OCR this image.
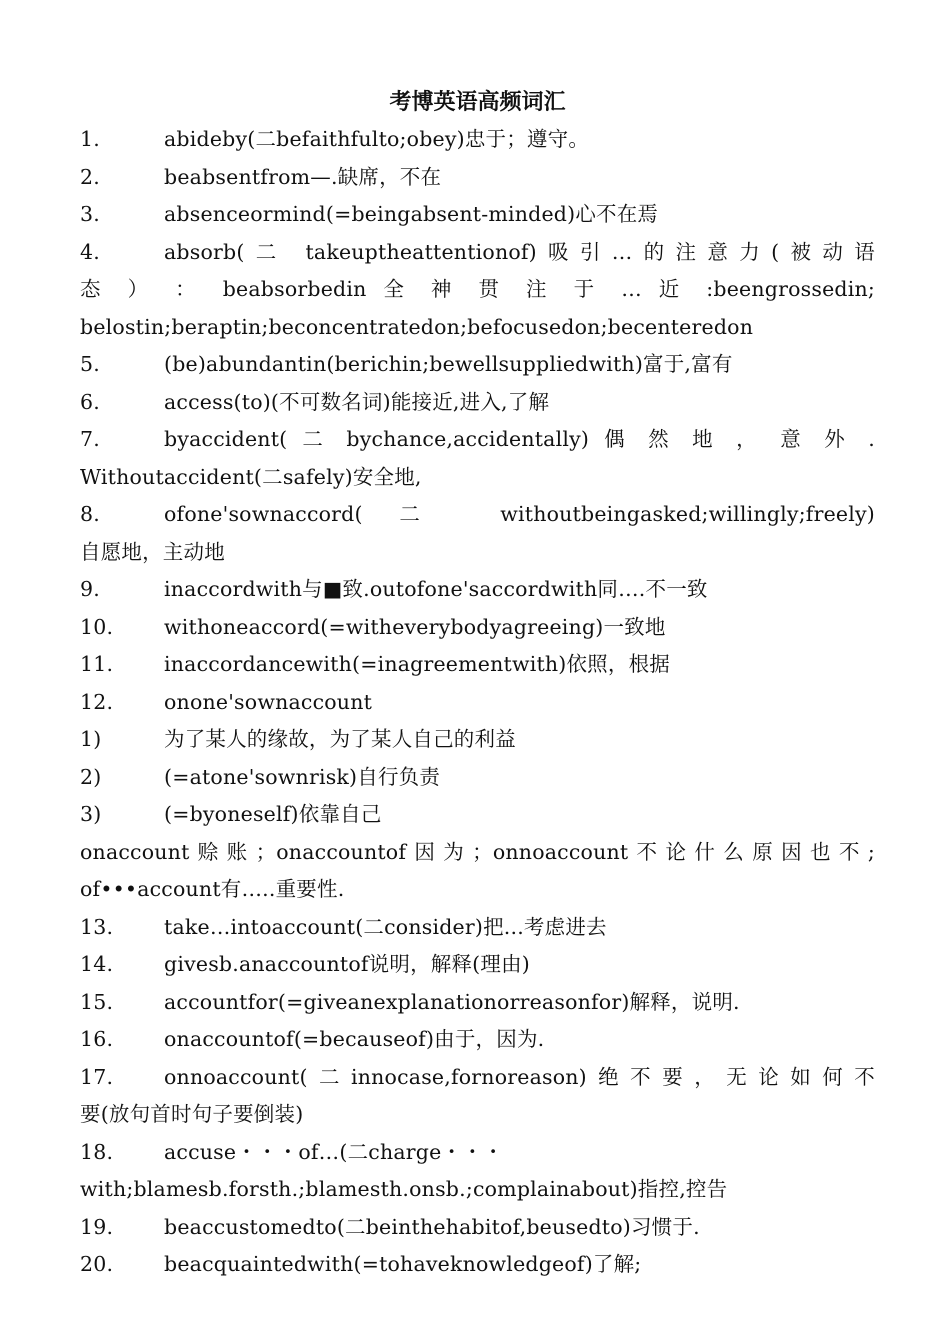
考博英语高频词汇
1.	abideby(二befaithfulto;obey)忠于；遵守。
2.	beabsentfrom—.缺席，不在
3.	absenceormind(=beingabsent-minded)心不在焉
4.	absorb(二 takeuptheattentionof)吸引…的注意力(被动语
态 ） ： beabsorbedin 全 神 贯 注 于 … 近 :beengrossedin;
belostin;beraptin;beconcentratedon;befocusedon;becenteredon
5.	(be)abundantin(berichin;bewellsuppliedwith)富于,富有
6.	access(to)(不可数名词)能接近,进入,了解
7.	byaccident( 二 bychance,accidentally) 偶 然 地 ， 意 外 .
Withoutaccident(二safely)安全地,
8.	ofone'sownaccord(二 withoutbeingasked;willingly;freely)
自愿地，主动地
9.	inaccordwith与■致.outofone'saccordwith同….不一致
10.	withoneaccord(=witheverybodyagreeing)一致地
11.	inaccordancewith(=inagreementwith)依照，根据
12.	onone'sownaccount
1)	为了某人的缘故，为了某人自己的利益
2)	(=atone'sownrisk)自行负责
3)	(=byoneself)依靠自己
onaccount赊账；onaccountof因为；onnoaccount不论什么原因也不;
of•••account有…..重要性.
13.	take…intoaccount(二consider)把...考虑进去
14.	givesb.anaccountof说明，解释(理由)
15.	accountfor(=giveanexplanationorreasonfor)解释，说明.
16.	onaccountof(=becauseof)由于，因为.
17.	onnoaccount(二innocase,fornoreason)绝不要，无论如何不
要(放句首时句子要倒装)
18.	accuse・・・of…(二charge・・・
with;blamesb.forsth.;blamesth.onsb.;complainabout)指控,控告
19.	beaccustomedto(二beinthehabitof,beusedto)习惯于.
20.	beacquaintedwith(=tohaveknowledgeof)了解;
